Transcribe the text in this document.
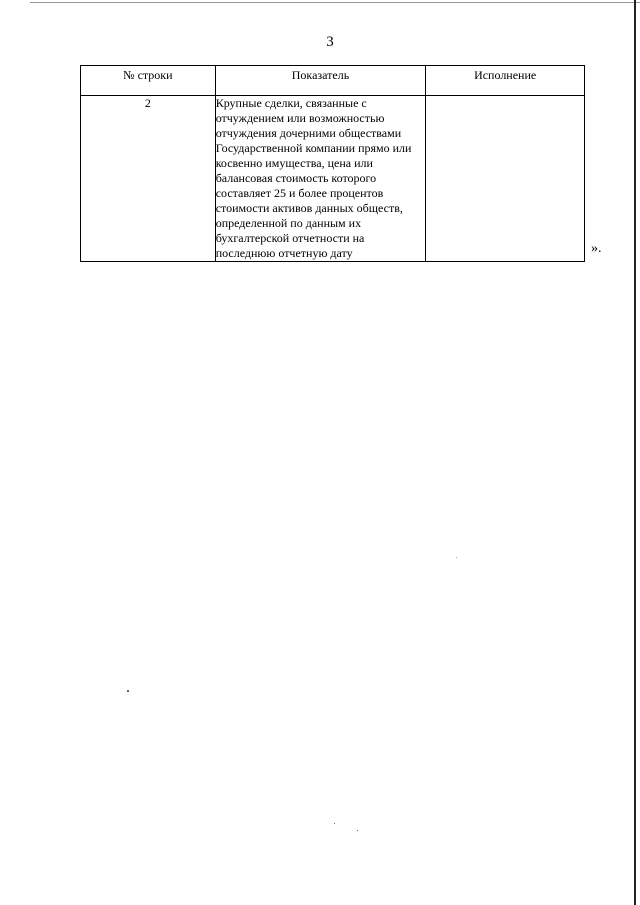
3
№ строки	Показатель	Исполнение
2	Крупные сделки, связанные с отчуждением или возможностью отчуждения дочерними обществами Государственной компании прямо или косвенно имущества, цена или балансовая стоимость которого составляет 25 и более процентов стоимости активов данных обществ, определенной по данным их бухгалтерской отчетности на последнюю отчетную дату		».
